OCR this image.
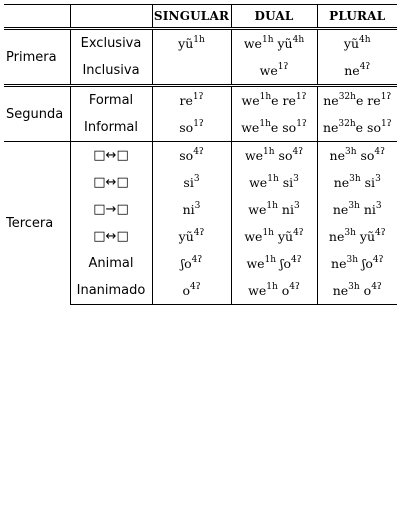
		SINGULAR	DUAL	PLURAL
Primera	Exclusiva	$yũ^{1h}$	$we^{1h}$ $yũ^{4h}$	$yũ^{4h}$
	Inclusiva		$we^{1ʔ}$	$ne^{4ʔ}$
Segunda	Formal	$re^{1ʔ}$	$we^{1h}e$ $re^{1ʔ}$	$ne^{32h}e$ $re^{1ʔ}$
	Informal	$so^{1ʔ}$	$we^{1h}e$ $so^{1ʔ}$	$ne^{32h}e$ $so^{1ʔ}$
Tercera	□↔□	$so^{4ʔ}$	$we^{1h}$ $so^{4ʔ}$	$ne^{3h}$ $so^{4ʔ}$
	□↔□	$si^3$	$we^{1h}$ $si^3$	$ne^{3h}$ $si^3$
	□→□	$ni^3$	$we^{1h}$ $ni^3$	$ne^{3h}$ $ni^3$
	□↔□	$yũ^{4ʔ}$	$we^{1h}$ $yũ^{4ʔ}$	$ne^{3h}$ $yũ^{4ʔ}$
	Animal	ʃo$^{4ʔ}$	$we^{1h}$ ʃo$^{4ʔ}$	$ne^{3h}$ ʃo$^{4ʔ}$
	Inanimado	$o^{4ʔ}$	$we^{1h}$ $o^{4ʔ}$	$ne^{3h}$ $o^{4ʔ}$
